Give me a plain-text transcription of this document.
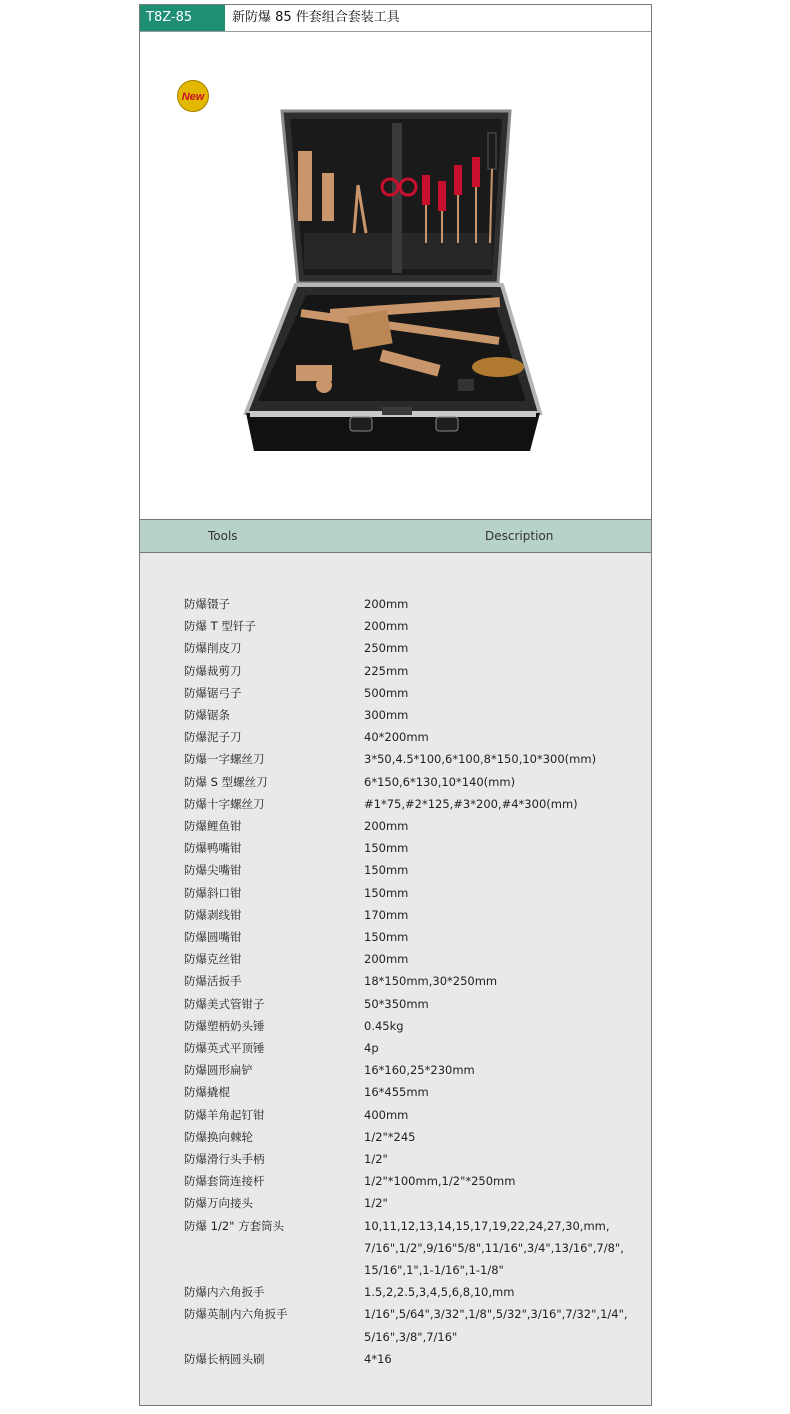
T8Z-85	新防爆 85 件套组合套装工具
New
Tools	Description
防爆镊子	200mm
防爆 T 型钎子	200mm
防爆削皮刀	250mm
防爆裁剪刀	225mm
防爆锯弓子	500mm
防爆锯条	300mm
防爆泥子刀	40*200mm
防爆一字螺丝刀	3*50,4.5*100,6*100,8*150,10*300(mm)
防爆 S 型螺丝刀	6*150,6*130,10*140(mm)
防爆十字螺丝刀	#1*75,#2*125,#3*200,#4*300(mm)
防爆鲤鱼钳	200mm
防爆鸭嘴钳	150mm
防爆尖嘴钳	150mm
防爆斜口钳	150mm
防爆剥线钳	170mm
防爆圆嘴钳	150mm
防爆克丝钳	200mm
防爆活扳手	18*150mm,30*250mm
防爆美式管钳子	50*350mm
防爆塑柄奶头锤	0.45kg
防爆英式平顶锤	4p
防爆圆形扁铲	16*160,25*230mm
防爆撬棍	16*455mm
防爆羊角起钉钳	400mm
防爆换向棘轮	1/2"*245
防爆滑行头手柄	1/2"
防爆套筒连接杆	1/2"*100mm,1/2"*250mm
防爆万向接头	1/2"
防爆 1/2" 方套筒头	10,11,12,13,14,15,17,19,22,24,27,30,mm,
7/16",1/2",9/16"5/8",11/16",3/4",13/16",7/8",
15/16",1",1-1/16",1-1/8"
防爆内六角扳手	1.5,2,2.5,3,4,5,6,8,10,mm
防爆英制内六角扳手	1/16",5/64",3/32",1/8",5/32",3/16",7/32",1/4",
5/16",3/8",7/16"
防爆长柄圆头刷	4*16
